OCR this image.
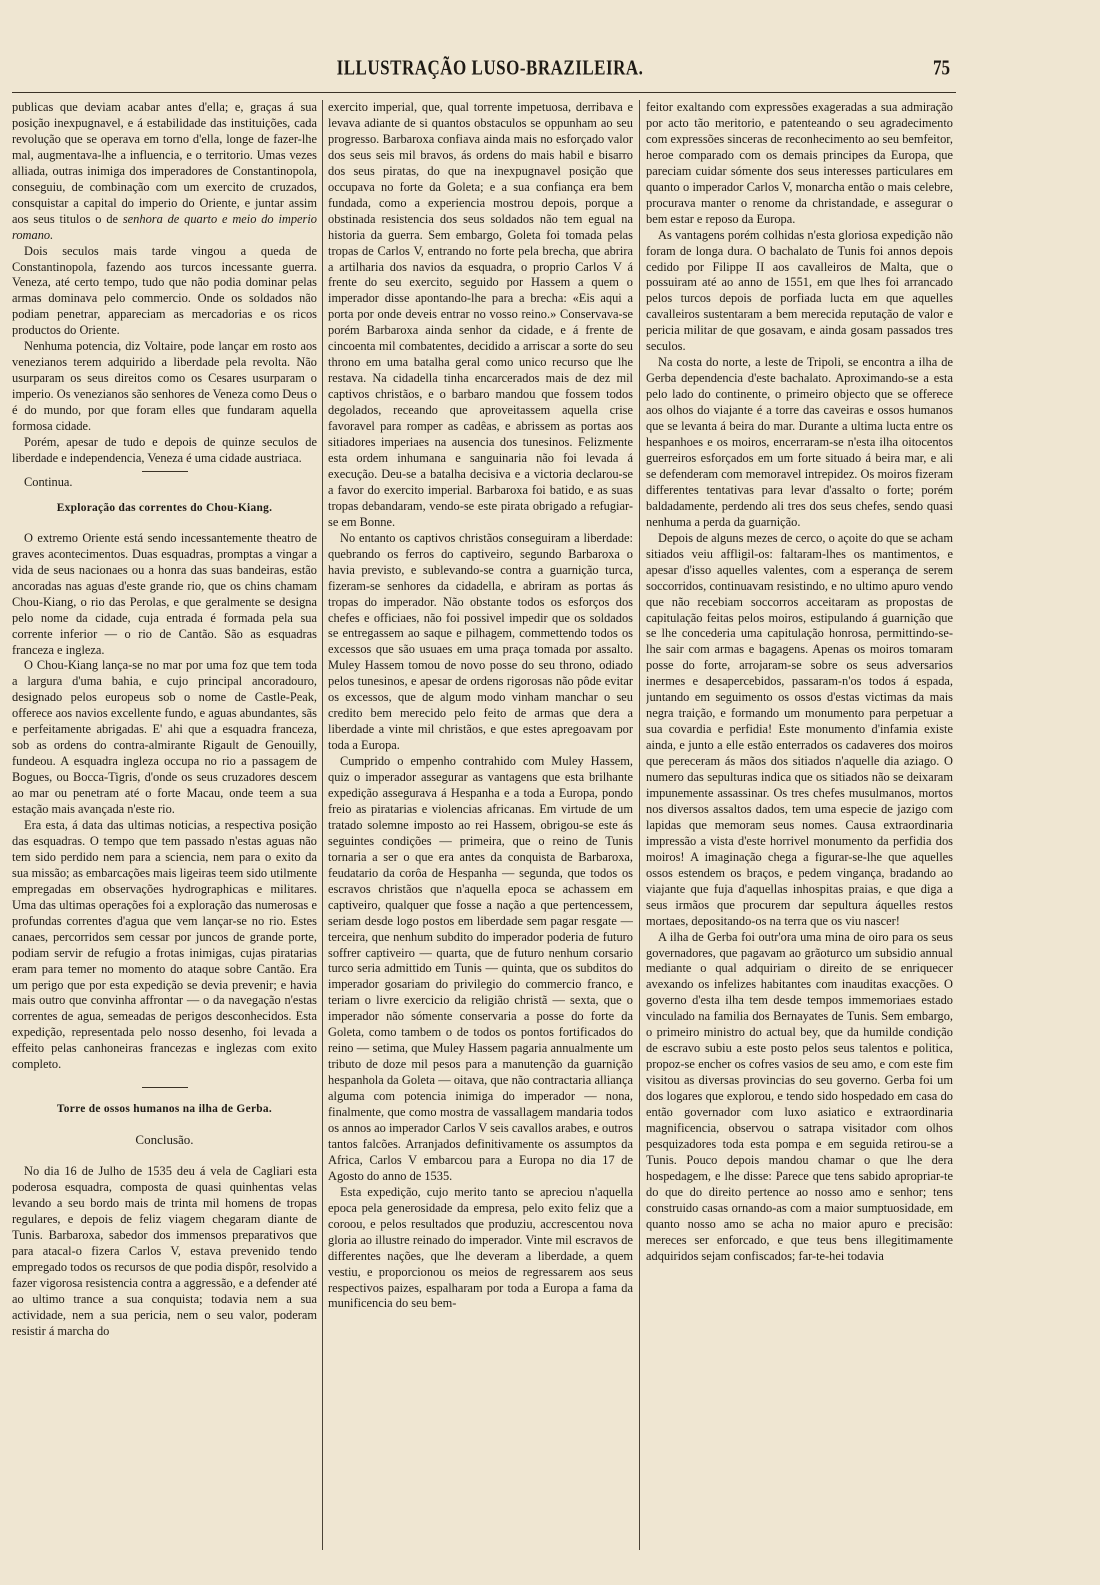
ILLUSTRAÇÃO LUSO-BRAZILEIRA.	75

publicas que deviam acabar antes d'ella; e, graças á sua posição inexpugnavel, e á estabilidade das instituições, cada revolução que se operava em torno d'ella, longe de fazer-lhe mal, augmentava-lhe a influencia, e o territorio. Umas vezes alliada, outras inimiga dos imperadores de Constantinopola, conseguiu, de combinação com um exercito de cruzados, consquistar a capital do imperio do Oriente, e juntar assim aos seus titulos o de senhora de quarto e meio do imperio romano.

Dois seculos mais tarde vingou a queda de Constantinopola, fazendo aos turcos incessante guerra. Veneza, até certo tempo, tudo que não podia dominar pelas armas dominava pelo commercio. Onde os soldados não podiam penetrar, appareciam as mercadorias e os ricos productos do Oriente.

Nenhuma potencia, diz Voltaire, pode lançar em rosto aos venezianos terem adquirido a liberdade pela revolta. Não usurparam os seus direitos como os Cesares usurparam o imperio. Os venezianos são senhores de Veneza como Deus o é do mundo, por que foram elles que fundaram aquella formosa cidade.

Porém, apesar de tudo e depois de quinze seculos de liberdade e independencia, Veneza é uma cidade austriaca.

Continua.

Exploração das correntes do Chou-Kiang.

O extremo Oriente está sendo incessantemente theatro de graves acontecimentos. Duas esquadras, promptas a vingar a vida de seus nacionaes ou a honra das suas bandeiras, estão ancoradas nas aguas d'este grande rio, que os chins chamam Chou-Kiang, o rio das Perolas, e que geralmente se designa pelo nome da cidade, cuja entrada é formada pela sua corrente inferior — o rio de Cantão. São as esquadras franceza e ingleza.

O Chou-Kiang lança-se no mar por uma foz que tem toda a largura d'uma bahia, e cujo principal ancoradouro, designado pelos europeus sob o nome de Castle-Peak, offerece aos navios excellente fundo, e aguas abundantes, sãs e perfeitamente abrigadas. E' ahi que a esquadra franceza, sob as ordens do contra-almirante Rigault de Genouilly, fundeou. A esquadra ingleza occupa no rio a passagem de Bogues, ou Bocca-Tigris, d'onde os seus cruzadores descem ao mar ou penetram até o forte Macau, onde teem a sua estação mais avançada n'este rio.

Era esta, á data das ultimas noticias, a respectiva posição das esquadras. O tempo que tem passado n'estas aguas não tem sido perdido nem para a sciencia, nem para o exito da sua missão; as embarcações mais ligeiras teem sido utilmente empregadas em observações hydrographicas e militares. Uma das ultimas operações foi a exploração das numerosas e profundas correntes d'agua que vem lançar-se no rio. Estes canaes, percorridos sem cessar por juncos de grande porte, podiam servir de refugio a frotas inimigas, cujas piratarias eram para temer no momento do ataque sobre Cantão. Era um perigo que por esta expedição se devia prevenir; e havia mais outro que convinha affrontar — o da navegação n'estas correntes de agua, semeadas de perigos desconhecidos. Esta expedição, representada pelo nosso desenho, foi levada a effeito pelas canhoneiras francezas e inglezas com exito completo.

Torre de ossos humanos na ilha de Gerba.
Conclusão.

No dia 16 de Julho de 1535 deu á vela de Cagliari esta poderosa esquadra, composta de quasi quinhentas velas levando a seu bordo mais de trinta mil homens de tropas regulares, e depois de feliz viagem chegaram diante de Tunis. Barbaroxa, sabedor dos immensos preparativos que para atacal-o fizera Carlos V, estava prevenido tendo empregado todos os recursos de que podia dispôr, resolvido a fazer vigorosa resistencia contra a aggressão, e a defender até ao ultimo trance a sua conquista; todavia nem a sua actividade, nem a sua pericia, nem o seu valor, poderam resistir á marcha do

exercito imperial, que, qual torrente impetuosa, derribava e levava adiante de si quantos obstaculos se oppunham ao seu progresso. Barbaroxa confiava ainda mais no esforçado valor dos seus seis mil bravos, ás ordens do mais habil e bisarro dos seus piratas, do que na inexpugnavel posição que occupava no forte da Goleta; e a sua confiança era bem fundada, como a experiencia mostrou depois, porque a obstinada resistencia dos seus soldados não tem egual na historia da guerra. Sem embargo, Goleta foi tomada pelas tropas de Carlos V, entrando no forte pela brecha, que abrira a artilharia dos navios da esquadra, o proprio Carlos V á frente do seu exercito, seguido por Hassem a quem o imperador disse apontando-lhe para a brecha: «Eis aqui a porta por onde deveis entrar no vosso reino.» Conservava-se porém Barbaroxa ainda senhor da cidade, e á frente de cincoenta mil combatentes, decidido a arriscar a sorte do seu throno em uma batalha geral como unico recurso que lhe restava. Na cidadella tinha encarcerados mais de dez mil captivos christãos, e o barbaro mandou que fossem todos degolados, receando que aproveitassem aquella crise favoravel para romper as cadêas, e abrissem as portas aos sitiadores imperiaes na ausencia dos tunesinos. Felizmente esta ordem inhumana e sanguinaria não foi levada á execução. Deu-se a batalha decisiva e a victoria declarou-se a favor do exercito imperial. Barbaroxa foi batido, e as suas tropas debandaram, vendo-se este pirata obrigado a refugiar-se em Bonne.

No entanto os captivos christãos conseguiram a liberdade: quebrando os ferros do captiveiro, segundo Barbaroxa o havia previsto, e sublevando-se contra a guarnição turca, fizeram-se senhores da cidadella, e abriram as portas ás tropas do imperador. Não obstante todos os esforços dos chefes e officiaes, não foi possivel impedir que os soldados se entregassem ao saque e pilhagem, commettendo todos os excessos que são usuaes em uma praça tomada por assalto. Muley Hassem tomou de novo posse do seu throno, odiado pelos tunesinos, e apesar de ordens rigorosas não pôde evitar os excessos, que de algum modo vinham manchar o seu credito bem merecido pelo feito de armas que dera a liberdade a vinte mil christãos, e que estes apregoavam por toda a Europa.

Cumprido o empenho contrahido com Muley Hassem, quiz o imperador assegurar as vantagens que esta brilhante expedição assegurava á Hespanha e a toda a Europa, pondo freio as piratarias e violencias africanas. Em virtude de um tratado solemne imposto ao rei Hassem, obrigou-se este ás seguintes condições — primeira, que o reino de Tunis tornaria a ser o que era antes da conquista de Barbaroxa, feudatario da corôa de Hespanha — segunda, que todos os escravos christãos que n'aquella epoca se achassem em captiveiro, qualquer que fosse a nação a que pertencessem, seriam desde logo postos em liberdade sem pagar resgate — terceira, que nenhum subdito do imperador poderia de futuro soffrer captiveiro — quarta, que de futuro nenhum corsario turco seria admittido em Tunis — quinta, que os subditos do imperador gosariam do privilegio do commercio franco, e teriam o livre exercicio da religião christã — sexta, que o imperador não sómente conservaria a posse do forte da Goleta, como tambem o de todos os pontos fortificados do reino — setima, que Muley Hassem pagaria annualmente um tributo de doze mil pesos para a manutenção da guarnição hespanhola da Goleta — oitava, que não contractaria alliança alguma com potencia inimiga do imperador — nona, finalmente, que como mostra de vassallagem mandaria todos os annos ao imperador Carlos V seis cavallos arabes, e outros tantos falcões. Arranjados definitivamente os assumptos da Africa, Carlos V embarcou para a Europa no dia 17 de Agosto do anno de 1535.

Esta expedição, cujo merito tanto se apreciou n'aquella epoca pela generosidade da empresa, pelo exito feliz que a coroou, e pelos resultados que produziu, accrescentou nova gloria ao illustre reinado do imperador. Vinte mil escravos de differentes nações, que lhe deveram a liberdade, a quem vestiu, e proporcionou os meios de regressarem aos seus respectivos paizes, espalharam por toda a Europa a fama da munificencia do seu bem-

feitor exaltando com expressões exageradas a sua admiração por acto tão meritorio, e patenteando o seu agradecimento com expressões sinceras de reconhecimento ao seu bemfeitor, heroe comparado com os demais principes da Europa, que pareciam cuidar sómente dos seus interesses particulares em quanto o imperador Carlos V, monarcha então o mais celebre, procurava manter o renome da christandade, e assegurar o bem estar e reposo da Europa.

As vantagens porém colhidas n'esta gloriosa expedição não foram de longa dura. O bachalato de Tunis foi annos depois cedido por Filippe II aos cavalleiros de Malta, que o possuiram até ao anno de 1551, em que lhes foi arrancado pelos turcos depois de porfiada lucta em que aquelles cavalleiros sustentaram a bem merecida reputação de valor e pericia militar de que gosavam, e ainda gosam passados tres seculos.

Na costa do norte, a leste de Tripoli, se encontra a ilha de Gerba dependencia d'este bachalato. Aproximando-se a esta pelo lado do continente, o primeiro objecto que se offerece aos olhos do viajante é a torre das caveiras e ossos humanos que se levanta á beira do mar. Durante a ultima lucta entre os hespanhoes e os moiros, encerraram-se n'esta ilha oitocentos guerreiros esforçados em um forte situado á beira mar, e ali se defenderam com memoravel intrepidez. Os moiros fizeram differentes tentativas para levar d'assalto o forte; porém baldadamente, perdendo ali tres dos seus chefes, sendo quasi nenhuma a perda da guarnição.

Depois de alguns mezes de cerco, o açoite do que se acham sitiados veiu affligil-os: faltaram-lhes os mantimentos, e apesar d'isso aquelles valentes, com a esperança de serem soccorridos, continuavam resistindo, e no ultimo apuro vendo que não recebiam soccorros acceitaram as propostas de capitulação feitas pelos moiros, estipulando á guarnição que se lhe concederia uma capitulação honrosa, permittindo-se-lhe sair com armas e bagagens. Apenas os moiros tomaram posse do forte, arrojaram-se sobre os seus adversarios inermes e desapercebidos, passaram-n'os todos á espada, juntando em seguimento os ossos d'estas victimas da mais negra traição, e formando um monumento para perpetuar a sua covardia e perfidia! Este monumento d'infamia existe ainda, e junto a elle estão enterrados os cadaveres dos moiros que pereceram ás mãos dos sitiados n'aquelle dia aziago. O numero das sepulturas indica que os sitiados não se deixaram impunemente assassinar. Os tres chefes musulmanos, mortos nos diversos assaltos dados, tem uma especie de jazigo com lapidas que memoram seus nomes. Causa extraordinaria impressão a vista d'este horrivel monumento da perfidia dos moiros! A imaginação chega a figurar-se-lhe que aquelles ossos estendem os braços, e pedem vingança, bradando ao viajante que fuja d'aquellas inhospitas praias, e que diga a seus irmãos que procurem dar sepultura áquelles restos mortaes, depositando-os na terra que os viu nascer!

A ilha de Gerba foi outr'ora uma mina de oiro para os seus governadores, que pagavam ao grãoturco um subsidio annual mediante o qual adquiriam o direito de se enriquecer avexando os infelizes habitantes com inauditas exacções. O governo d'esta ilha tem desde tempos immemoriaes estado vinculado na familia dos Bernayates de Tunis. Sem embargo, o primeiro ministro do actual bey, que da humilde condição de escravo subiu a este posto pelos seus talentos e politica, propoz-se encher os cofres vasios de seu amo, e com este fim visitou as diversas provincias do seu governo. Gerba foi um dos logares que explorou, e tendo sido hospedado em casa do então governador com luxo asiatico e extraordinaria magnificencia, observou o satrapa visitador com olhos pesquizadores toda esta pompa e em seguida retirou-se a Tunis. Pouco depois mandou chamar o que lhe dera hospedagem, e lhe disse: Parece que tens sabido apropriar-te do que do direito pertence ao nosso amo e senhor; tens construido casas ornando-as com a maior sumptuosidade, em quanto nosso amo se acha no maior apuro e precisão: mereces ser enforcado, e que teus bens illegitimamente adquiridos sejam confiscados; far-te-hei todavia
